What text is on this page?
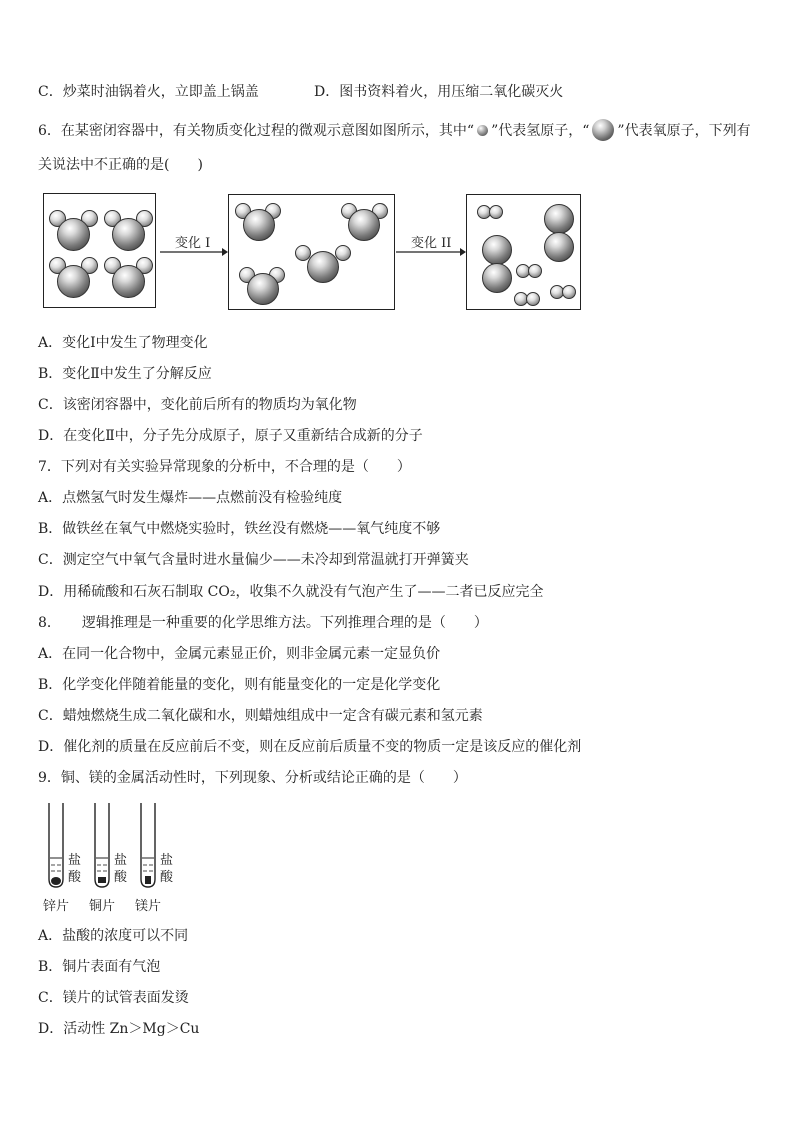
C．炒菜时油锅着火，立即盖上锅盖	D．图书资料着火，用压缩二氧化碳灭火
6．在某密闭容器中，有关物质变化过程的微观示意图如图所示，其中“ ”代表氢原子，“ ”代表氧原子，下列有
关说法中不正确的是(　　)
变化 I	变化 II
A．变化Ⅰ中发生了物理变化
B．变化Ⅱ中发生了分解反应
C．该密闭容器中，变化前后所有的物质均为氧化物
D．在变化Ⅱ中，分子先分成原子，原子又重新结合成新的分子
7．下列对有关实验异常现象的分析中，不合理的是（　　）
A．点燃氢气时发生爆炸——点燃前没有检验纯度
B．做铁丝在氧气中燃烧实验时，铁丝没有燃烧——氧气纯度不够
C．测定空气中氧气含量时进水量偏少——未冷却到常温就打开弹簧夹
D．用稀硫酸和石灰石制取 CO₂，收集不久就没有气泡产生了——二者已反应完全
8．　　逻辑推理是一种重要的化学思维方法。下列推理合理的是（　　）
A．在同一化合物中，金属元素显正价，则非金属元素一定显负价
B．化学变化伴随着能量的变化，则有能量变化的一定是化学变化
C．蜡烛燃烧生成二氧化碳和水，则蜡烛组成中一定含有碳元素和氢元素
D．催化剂的质量在反应前后不变，则在反应前后质量不变的物质一定是该反应的催化剂
9．铜、镁的金属活动性时，下列现象、分析或结论正确的是（　　）
盐酸
锌片
盐酸
铜片
盐酸
镁片
A．盐酸的浓度可以不同
B．铜片表面有气泡
C．镁片的试管表面发烫
D．活动性 Zn＞Mg＞Cu
